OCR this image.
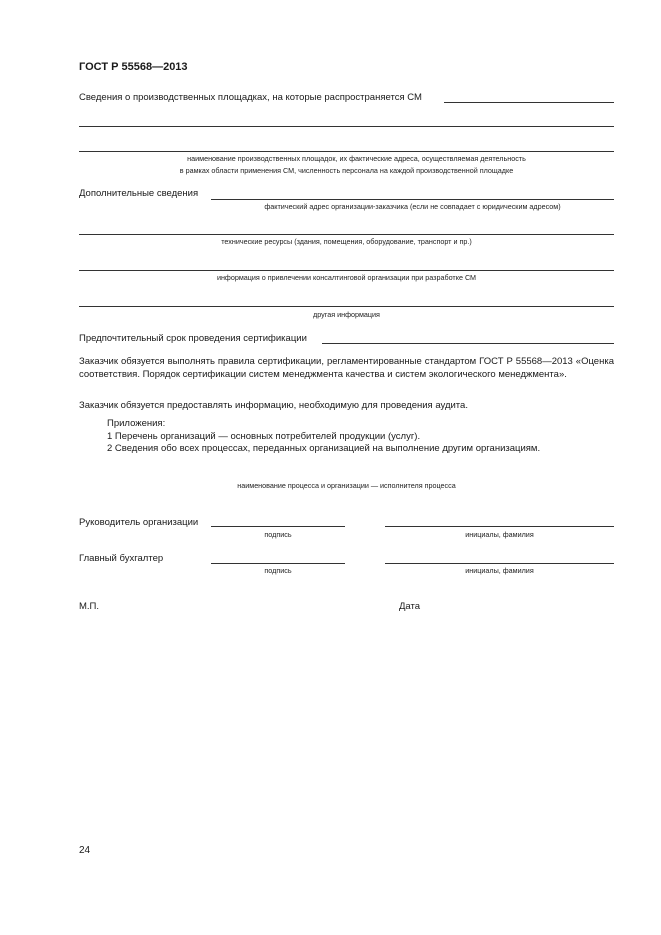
ГОСТ Р 55568—2013
Сведения о производственных площадках, на которые распространяется СМ
наименование производственных площадок, их фактические адреса, осуществляемая деятельность
в рамках области применения СМ, численность персонала на каждой производственной площадке
Дополнительные сведения
фактический адрес организации-заказчика (если не совпадает с юридическим адресом)
технические ресурсы (здания, помещения, оборудование, транспорт и пр.)
информация о привлечении консалтинговой организации при разработке СМ
другая информация
Предпочтительный срок проведения сертификации
Заказчик обязуется выполнять правила сертификации, регламентированные стандартом ГОСТ Р 55568—2013 «Оценка соответствия. Порядок сертификации систем менеджмента качества и систем экологического менеджмента».
Заказчик обязуется предоставлять информацию, необходимую для проведения аудита.
Приложения:
1 Перечень организаций — основных потребителей продукции (услуг).
2 Сведения обо всех процессах, переданных организацией на выполнение другим организациям.
наименование процесса и организации — исполнителя процесса
Руководитель организации
подпись	инициалы, фамилия
Главный бухгалтер
подпись	инициалы, фамилия
М.П.	Дата
24
